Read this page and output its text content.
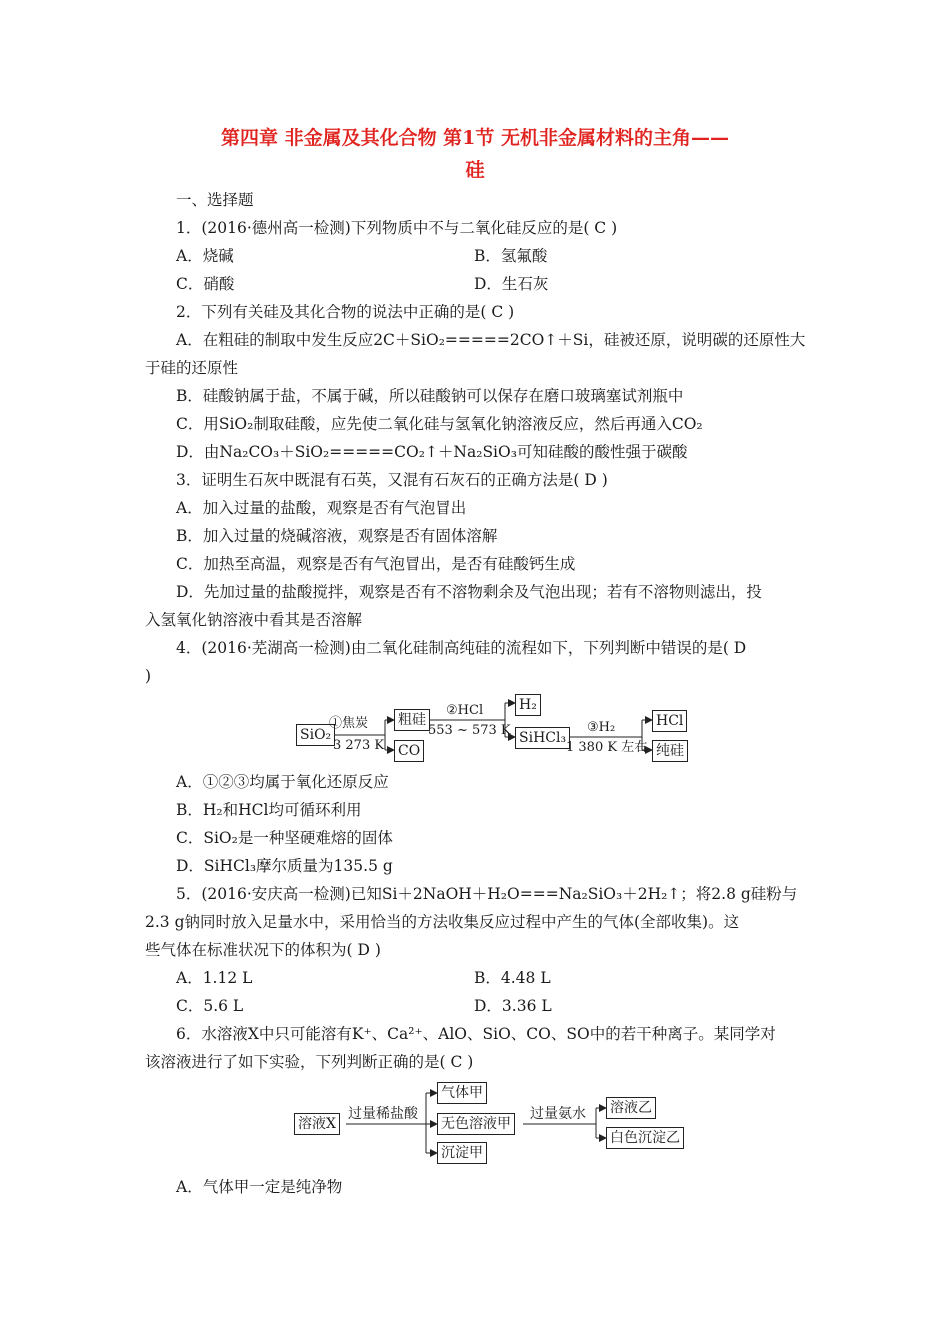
第四章 非金属及其化合物 第1节 无机非金属材料的主角——
硅
一、选择题
1．(2016·德州高一检测)下列物质中不与二氧化硅反应的是( C )
A．烧碱	B．氢氟酸
C．硝酸	D．生石灰
2．下列有关硅及其化合物的说法中正确的是( C )
A．在粗硅的制取中发生反应2C＋SiO₂=====2CO↑＋Si，硅被还原，说明碳的还原性大
于硅的还原性
B．硅酸钠属于盐，不属于碱，所以硅酸钠可以保存在磨口玻璃塞试剂瓶中
C．用SiO₂制取硅酸，应先使二氧化硅与氢氧化钠溶液反应，然后再通入CO₂
D．由Na₂CO₃＋SiO₂=====CO₂↑＋Na₂SiO₃可知硅酸的酸性强于碳酸
3．证明生石灰中既混有石英，又混有石灰石的正确方法是( D )
A．加入过量的盐酸，观察是否有气泡冒出
B．加入过量的烧碱溶液，观察是否有固体溶解
C．加热至高温，观察是否有气泡冒出，是否有硅酸钙生成
D．先加过量的盐酸搅拌，观察是否有不溶物剩余及气泡出现；若有不溶物则滤出，投
入氢氧化钠溶液中看其是否溶解
4．(2016·芜湖高一检测)由二氧化硅制高纯硅的流程如下，下列判断中错误的是( D
)
SiO₂
①焦炭
3 273 K
粗硅
CO
②HCl
553 ~ 573 K
H₂
SiHCl₃
③H₂
1 380 K 左右
HCl
纯硅
A．①②③均属于氧化还原反应
B．H₂和HCl均可循环利用
C．SiO₂是一种坚硬难熔的固体
D．SiHCl₃摩尔质量为135.5 g
5．(2016·安庆高一检测)已知Si＋2NaOH＋H₂O===Na₂SiO₃＋2H₂↑；将2.8 g硅粉与
2.3 g钠同时放入足量水中，采用恰当的方法收集反应过程中产生的气体(全部收集)。这
些气体在标准状况下的体积为( D )
A．1.12 L	B．4.48 L
C．5.6 L	D．3.36 L
6．水溶液X中只可能溶有K⁺、Ca²⁺、AlO、SiO、CO、SO中的若干种离子。某同学对
该溶液进行了如下实验，下列判断正确的是( C )
溶液X
过量稀盐酸
气体甲
无色溶液甲
沉淀甲
过量氨水 溶液乙
白色沉淀乙
A．气体甲一定是纯净物
